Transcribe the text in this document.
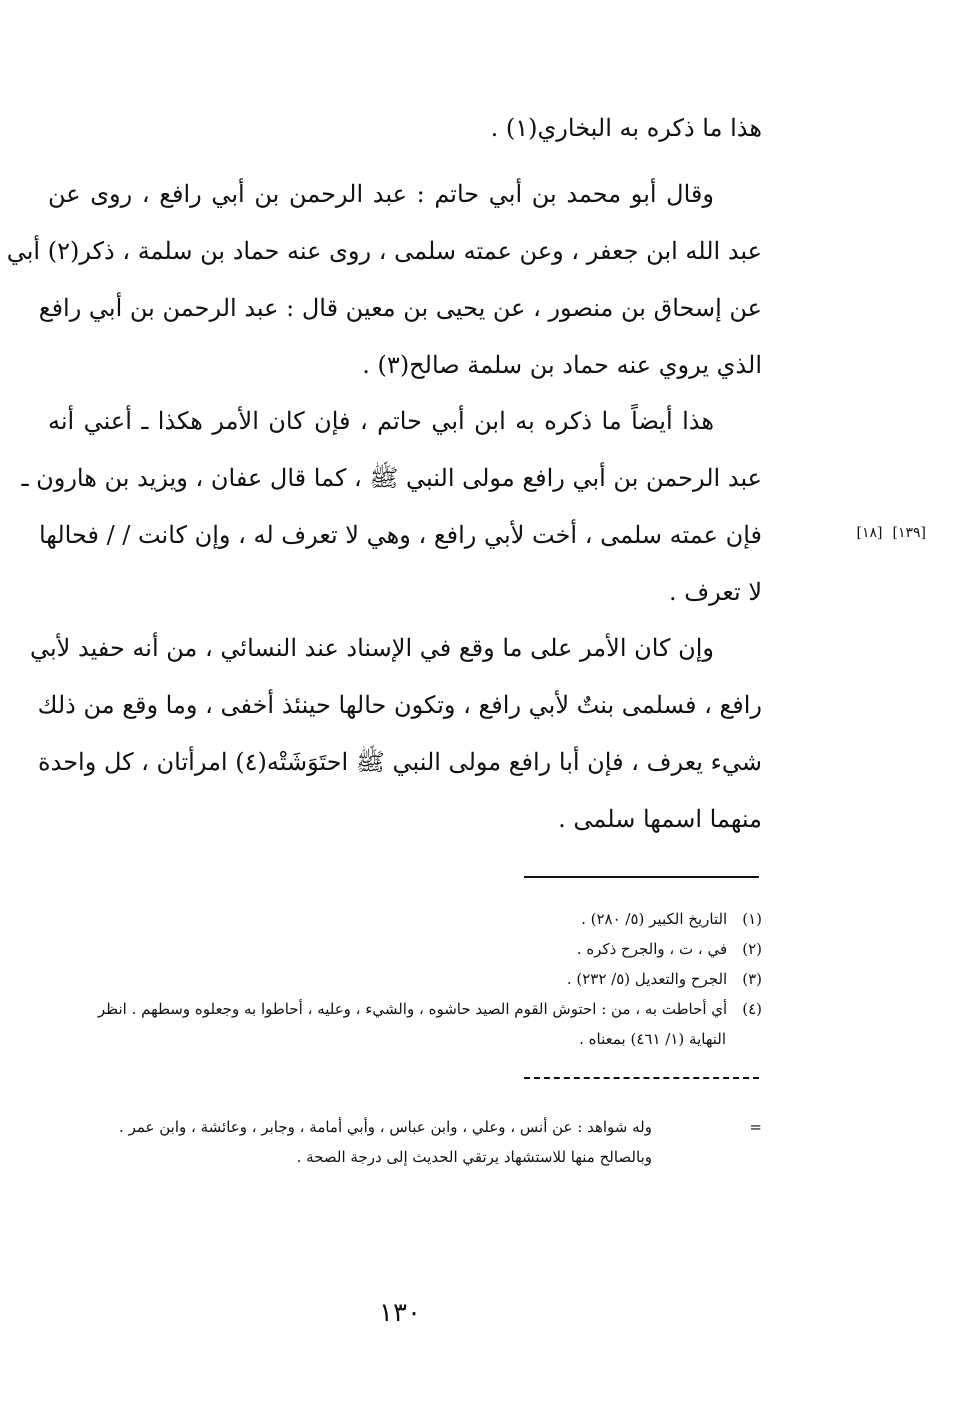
هذا ما ذكره به البخاري(١) .
وقال أبو محمد بن أبي حاتم : عبد الرحمن بن أبي رافع ، روى عن
عبد الله ابن جعفر ، وعن عمته سلمى ، روى عنه حماد بن سلمة ، ذكر(٢) أبي
عن إسحاق بن منصور ، عن يحيى بن معين قال : عبد الرحمن بن أبي رافع
الذي يروي عنه حماد بن سلمة صالح(٣) .
هذا أيضاً ما ذكره به ابن أبي حاتم ، فإن كان الأمر هكذا ـ أعني أنه
عبد الرحمن بن أبي رافع مولى النبي ﷺ ، كما قال عفان ، ويزيد بن هارون ـ
فإن عمته سلمى ، أخت لأبي رافع ، وهي لا تعرف له ، وإن كانت / / فحالها
لا تعرف .
[١٣٩][١٨]
وإن كان الأمر على ما وقع في الإسناد عند النسائي ، من أنه حفيد لأبي
رافع ، فسلمى بنتٌ لأبي رافع ، وتكون حالها حينئذ أخفى ، وما وقع من ذلك
شيء يعرف ، فإن أبا رافع مولى النبي ﷺ احتَوَشَتْه(٤) امرأتان ، كل واحدة
منهما اسمها سلمى .
(١) التاريخ الكبير (٥/ ٢٨٠) .
(٢) في ، ت ، والجرح ذكره .
(٣) الجرح والتعديل (٥/ ٢٣٢) .
(٤) أي أحاطت به ، من : احتوش القوم الصيد حاشوه ، والشيء ، وعليه ، أحاطوا به وجعلوه وسطهم . انظر
النهاية (١/ ٤٦١) بمعناه .
=
وله شواهد : عن أنس ، وعلي ، وابن عباس ، وأبي أمامة ، وجابر ، وعائشة ، وابن عمر .
وبالصالح منها للاستشهاد يرتقي الحديث إلى درجة الصحة .
١٣٠
